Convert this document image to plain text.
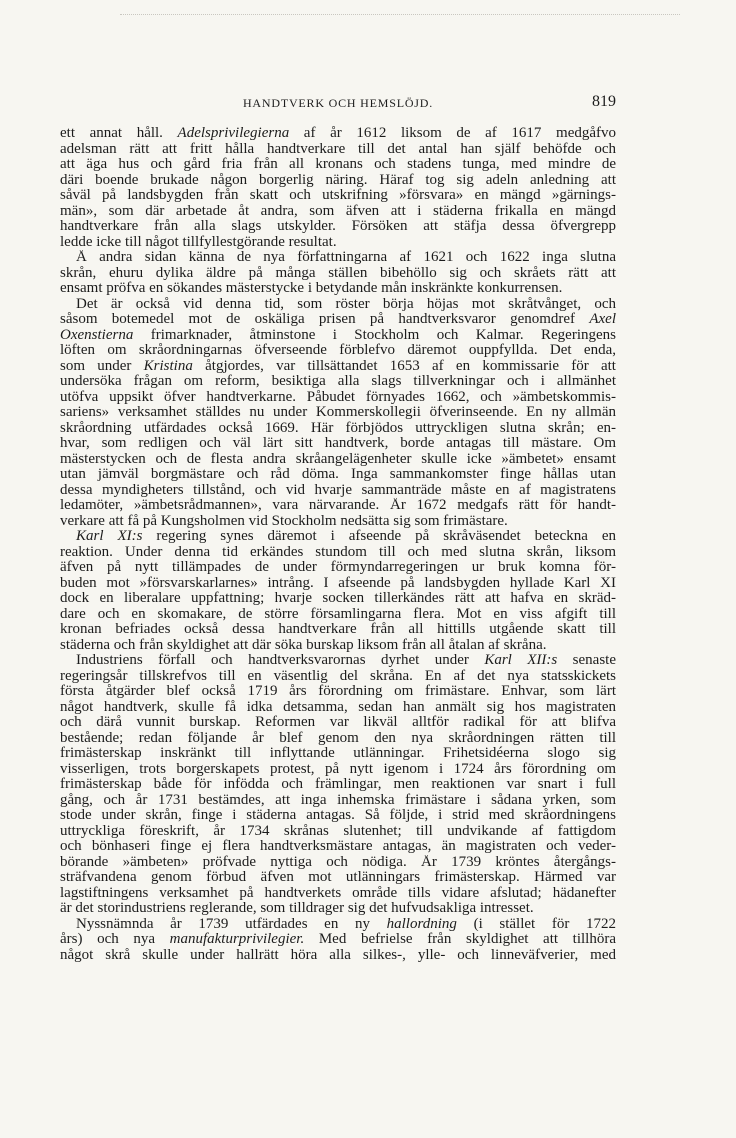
HANDTVERK OCH HEMSLÖJD.	819
ett annat håll. Adelsprivilegierna af år 1612 liksom de af 1617 medgåfvo
adelsman rätt att fritt hålla handtverkare till det antal han själf behöfde och
att äga hus och gård fria från all kronans och stadens tunga, med mindre de
däri boende brukade någon borgerlig näring. Häraf tog sig adeln anledning att
såväl på landsbygden från skatt och utskrifning »försvara» en mängd »gärnings-
män», som där arbetade åt andra, som äfven att i städerna frikalla en mängd
handtverkare från alla slags utskylder. Försöken att stäfja dessa öfvergrepp
ledde icke till något tillfyllestgörande resultat.
Å andra sidan känna de nya författningarna af 1621 och 1622 inga slutna
skrån, ehuru dylika äldre på många ställen bibehöllo sig och skråets rätt att
ensamt pröfva en sökandes mästerstycke i betydande mån inskränkte konkurrensen.
Det är också vid denna tid, som röster börja höjas mot skråtvånget, och
såsom botemedel mot de oskäliga prisen på handtverksvaror genomdref Axel
Oxenstierna frimarknader, åtminstone i Stockholm och Kalmar. Regeringens
löften om skråordningarnas öfverseende förblefvo däremot ouppfyllda. Det enda,
som under Kristina åtgjordes, var tillsättandet 1653 af en kommissarie för att
undersöka frågan om reform, besiktiga alla slags tillverkningar och i allmänhet
utöfva uppsikt öfver handtverkarne. Påbudet förnyades 1662, och »ämbetskommis-
sariens» verksamhet ställdes nu under Kommerskollegii öfverinseende. En ny allmän
skråordning utfärdades också 1669. Här förbjödos uttryckligen slutna skrån; en-
hvar, som redligen och väl lärt sitt handtverk, borde antagas till mästare. Om
mästerstycken och de flesta andra skråangelägenheter skulle icke »ämbetet» ensamt
utan jämväl borgmästare och råd döma. Inga sammankomster finge hållas utan
dessa myndigheters tillstånd, och vid hvarje sammanträde måste en af magistratens
ledamöter, »ämbetsrådmannen», vara närvarande. År 1672 medgafs rätt för handt-
verkare att få på Kungsholmen vid Stockholm nedsätta sig som frimästare.
Karl XI:s regering synes däremot i afseende på skråväsendet beteckna en
reaktion. Under denna tid erkändes stundom till och med slutna skrån, liksom
äfven på nytt tillämpades de under förmyndarregeringen ur bruk komna för-
buden mot »försvarskarlarnes» intrång. I afseende på landsbygden hyllade Karl XI
dock en liberalare uppfattning; hvarje socken tillerkändes rätt att hafva en skräd-
dare och en skomakare, de större församlingarna flera. Mot en viss afgift till
kronan befriades också dessa handtverkare från all hittills utgående skatt till
städerna och från skyldighet att där söka burskap liksom från all åtalan af skråna.
Industriens förfall och handtverksvarornas dyrhet under Karl XII:s senaste
regeringsår tillskrefvos till en väsentlig del skråna. En af det nya statsskickets
första åtgärder blef också 1719 års förordning om frimästare. Enhvar, som lärt
något handtverk, skulle få idka detsamma, sedan han anmält sig hos magistraten
och därå vunnit burskap. Reformen var likväl alltför radikal för att blifva
bestående; redan följande år blef genom den nya skråordningen rätten till
frimästerskap inskränkt till inflyttande utlänningar. Frihetsidéerna slogo sig
visserligen, trots borgerskapets protest, på nytt igenom i 1724 års förordning om
frimästerskap både för infödda och främlingar, men reaktionen var snart i full
gång, och år 1731 bestämdes, att inga inhemska frimästare i sådana yrken, som
stode under skrån, finge i städerna antagas. Så följde, i strid med skråordningens
uttryckliga föreskrift, år 1734 skrånas slutenhet; till undvikande af fattigdom
och bönhaseri finge ej flera handtverksmästare antagas, än magistraten och veder-
börande »ämbeten» pröfvade nyttiga och nödiga. År 1739 kröntes återgångs-
sträfvandena genom förbud äfven mot utlänningars frimästerskap. Härmed var
lagstiftningens verksamhet på handtverkets område tills vidare afslutad; hädanefter
är det storindustriens reglerande, som tilldrager sig det hufvudsakliga intresset.
Nyssnämnda år 1739 utfärdades en ny hallordning (i stället för 1722
års) och nya manufakturprivilegier. Med befrielse från skyldighet att tillhöra
något skrå skulle under hallrätt höra alla silkes-, ylle- och linneväfverier, med
